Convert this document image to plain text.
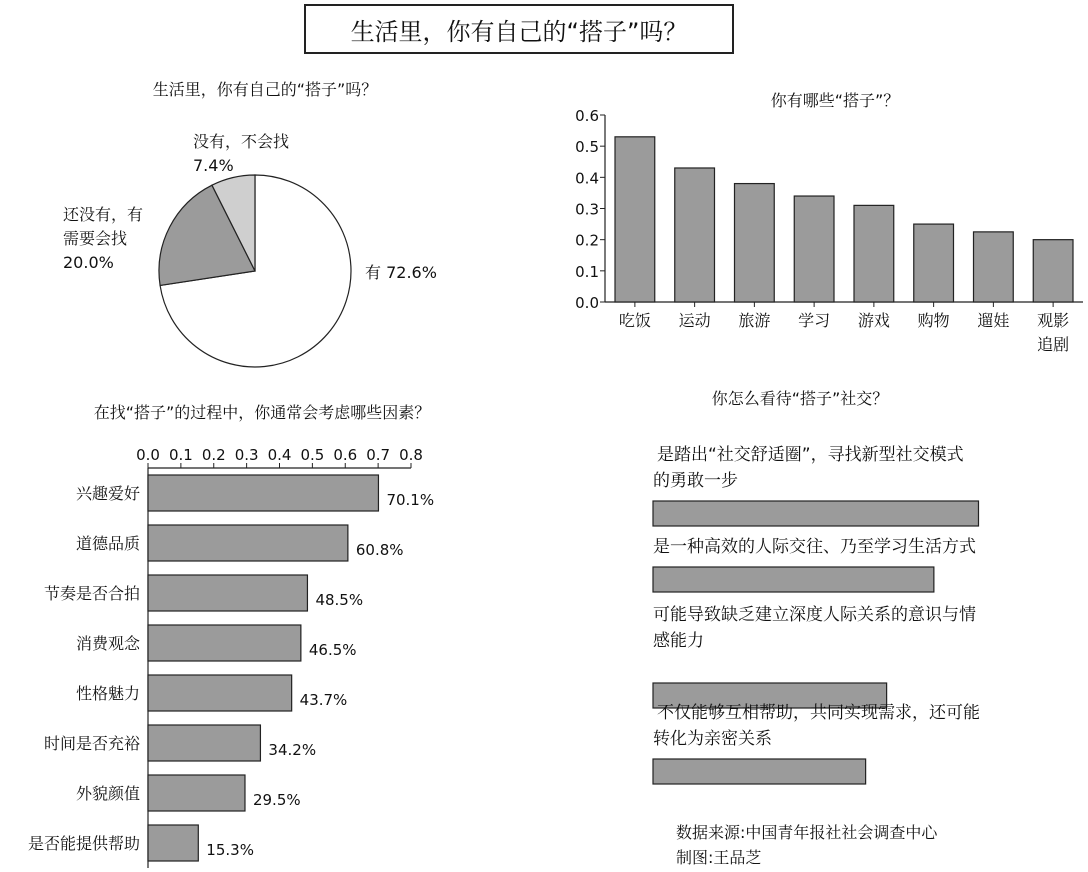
生活里，你有自己的“搭子”吗？
生活里，你有自己的“搭子”吗？
有 72.6%
还没有，有
需要会找
20.0%
没有，不会找
7.4%
你有哪些“搭子”？
0.0
0.1
0.2
0.3
0.4
0.5
0.6
吃饭 运动 旅游 学习 游戏 购物 遛娃 观影
追剧
在找“搭子”的过程中，你通常会考虑哪些因素？
0.0 0.1 0.2 0.3 0.4 0.5 0.6 0.7 0.8
兴趣爱好	70.1%
道德品质	60.8%
节奏是否合拍	48.5%
消费观念	46.5%
性格魅力	43.7%
时间是否充裕	34.2%
外貌颜值	29.5%
是否能提供帮助	15.3%
你怎么看待“搭子”社交？
是踏出“社交舒适圈”，寻找新型社交模式
的勇敢一步
是一种高效的人际交往、乃至学习生活方式
可能导致缺乏建立深度人际关系的意识与情
感能力
不仅能够互相帮助，共同实现需求，还可能
转化为亲密关系
数据来源:中国青年报社社会调查中心
制图:王品芝
